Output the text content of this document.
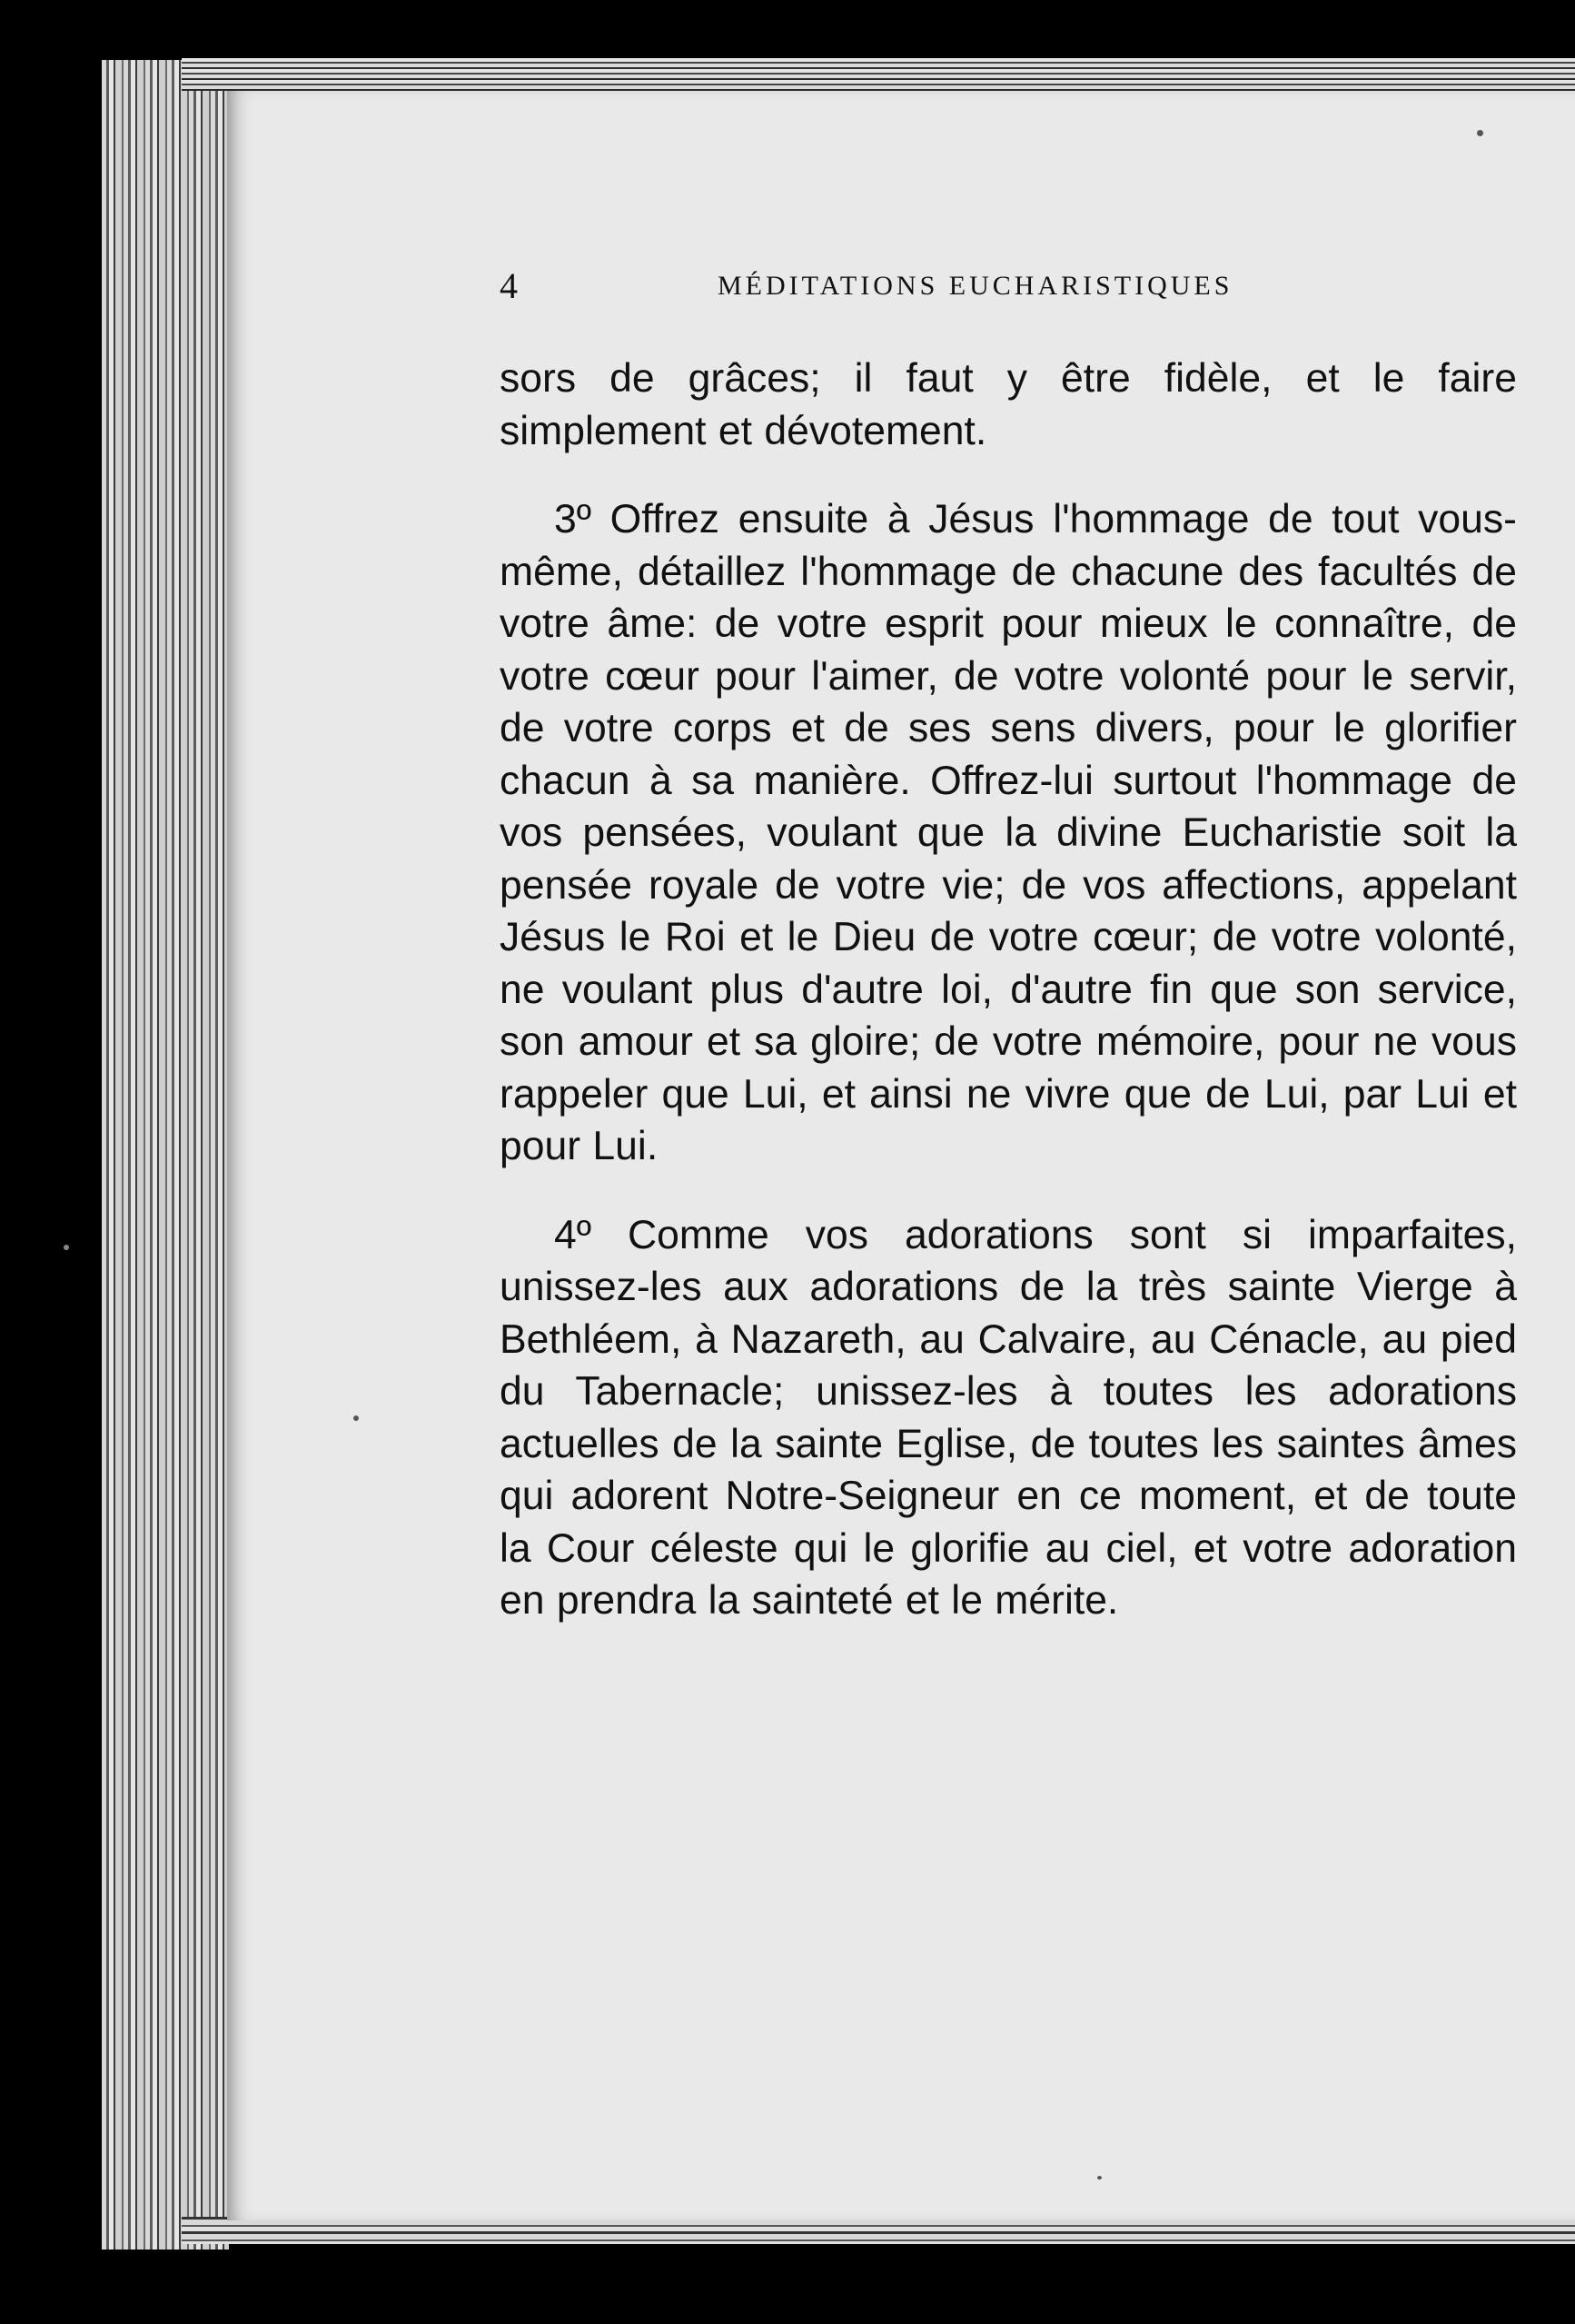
4	MÉDITATIONS EUCHARISTIQUES

sors de grâces; il faut y être fidèle, et le faire simplement et dévotement.

3º Offrez ensuite à Jésus l'hommage de tout vous-même, détaillez l'hommage de chacune des facultés de votre âme: de votre esprit pour mieux le connaître, de votre cœur pour l'aimer, de votre volonté pour le servir, de votre corps et de ses sens divers, pour le glorifier chacun à sa manière. Offrez-lui surtout l'hommage de vos pensées, voulant que la divine Eucharistie soit la pensée royale de votre vie; de vos affections, appelant Jésus le Roi et le Dieu de votre cœur; de votre volonté, ne voulant plus d'autre loi, d'autre fin que son service, son amour et sa gloire; de votre mémoire, pour ne vous rappeler que Lui, et ainsi ne vivre que de Lui, par Lui et pour Lui.

4º Comme vos adorations sont si imparfaites, unissez-les aux adorations de la très sainte Vierge à Bethléem, à Nazareth, au Calvaire, au Cénacle, au pied du Tabernacle; unissez-les à toutes les adorations actuelles de la sainte Eglise, de toutes les saintes âmes qui adorent Notre-Seigneur en ce moment, et de toute la Cour céleste qui le glorifie au ciel, et votre adoration en prendra la sainteté et le mérite.
